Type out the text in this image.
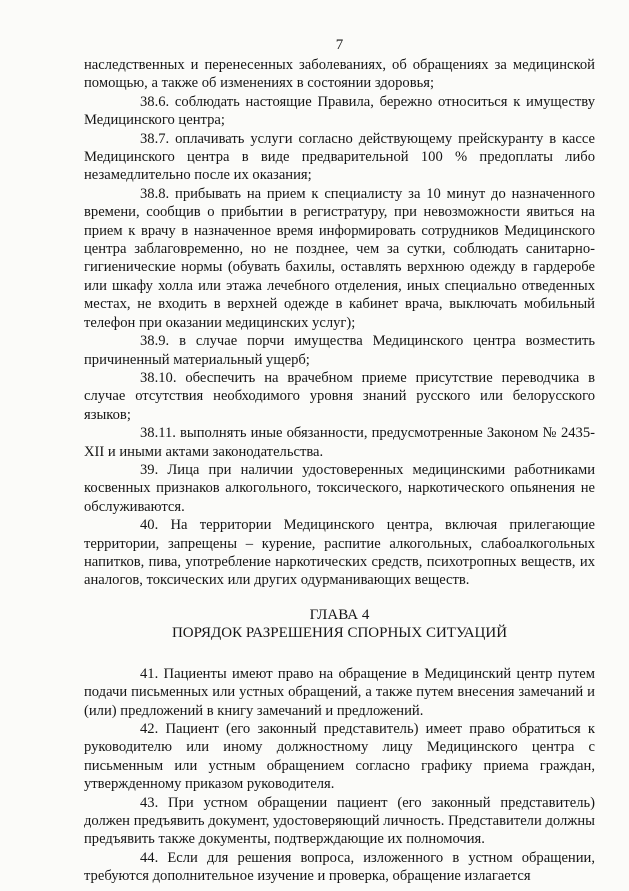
7

наследственных и перенесенных заболеваниях, об обращениях за медицинской помощью, а также об изменениях в состоянии здоровья;

38.6. соблюдать настоящие Правила, бережно относиться к имуществу Медицинского центра;

38.7. оплачивать услуги согласно действующему прейскуранту в кассе Медицинского центра в виде предварительной 100 % предоплаты либо незамедлительно после их оказания;

38.8. прибывать на прием к специалисту за 10 минут до назначенного времени, сообщив о прибытии в регистратуру, при невозможности явиться на прием к врачу в назначенное время информировать сотрудников Медицинского центра заблаговременно, но не позднее, чем за сутки, соблюдать санитарно-гигиенические нормы (обувать бахилы, оставлять верхнюю одежду в гардеробе или шкафу холла или этажа лечебного отделения, иных специально отведенных местах, не входить в верхней одежде в кабинет врача, выключать мобильный телефон при оказании медицинских услуг);

38.9. в случае порчи имущества Медицинского центра возместить причиненный материальный ущерб;

38.10. обеспечить на врачебном приеме присутствие переводчика в случае отсутствия необходимого уровня знаний русского или белорусского языков;

38.11. выполнять иные обязанности, предусмотренные Законом № 2435-XII и иными актами законодательства.

39. Лица при наличии удостоверенных медицинскими работниками косвенных признаков алкогольного, токсического, наркотического опьянения не обслуживаются.

40. На территории Медицинского центра, включая прилегающие территории, запрещены – курение, распитие алкогольных, слабоалкогольных напитков, пива, употребление наркотических средств, психотропных веществ, их аналогов, токсических или других одурманивающих веществ.

ГЛАВА 4
ПОРЯДОК РАЗРЕШЕНИЯ СПОРНЫХ СИТУАЦИЙ

41. Пациенты имеют право на обращение в Медицинский центр путем подачи письменных или устных обращений, а также путем внесения замечаний и (или) предложений в книгу замечаний и предложений.

42. Пациент (его законный представитель) имеет право обратиться к руководителю или иному должностному лицу Медицинского центра с письменным или устным обращением согласно графику приема граждан, утвержденному приказом руководителя.

43. При устном обращении пациент (его законный представитель) должен предъявить документ, удостоверяющий личность. Представители должны предъявить также документы, подтверждающие их полномочия.

44. Если для решения вопроса, изложенного в устном обращении, требуются дополнительное изучение и проверка, обращение излагается
